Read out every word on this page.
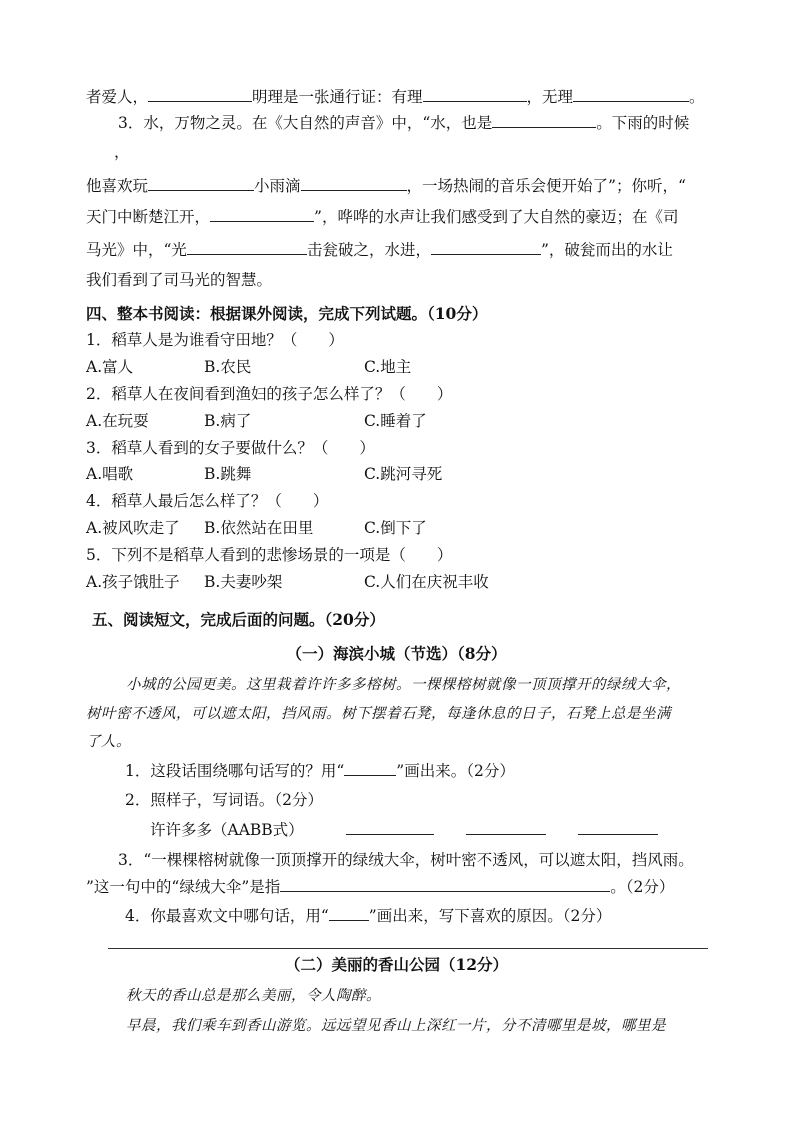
者爱人，	明理是一张通行证：有理	，无理	。
3．水，万物之灵。在《大自然的声音》中，“水，也是	。下雨的时候
，
他喜欢玩	小雨滴	，一场热闹的音乐会便开始了”；你听，“
天门中断楚江开，	”，哗哗的水声让我们感受到了大自然的豪迈；在《司
马光》中，“光	击瓮破之，水进，	”，破瓮而出的水让
我们看到了司马光的智慧。
四、整本书阅读：根据课外阅读，完成下列试题。（10分）
1．稻草人是为谁看守田地？（　　）
A.富人	B.农民	C.地主
2．稻草人在夜间看到渔妇的孩子怎么样了？（　　）
A.在玩耍	B.病了	C.睡着了
3．稻草人看到的女子要做什么？（　　）
A.唱歌	B.跳舞	C.跳河寻死
4．稻草人最后怎么样了？（　　）
A.被风吹走了 B.依然站在田里	C.倒下了
5．下列不是稻草人看到的悲惨场景的一项是（　　）
A.孩子饿肚子 B.夫妻吵架	C.人们在庆祝丰收
五、阅读短文，完成后面的问题。（20分）
（一）海滨小城（节选）（8分）
小城的公园更美。这里栽着许许多多榕树。一棵棵榕树就像一顶顶撑开的绿绒大伞，
树叶密不透风，可以遮太阳，挡风雨。树下摆着石凳，每逢休息的日子，石凳上总是坐满
了人。
1．这段话围绕哪句话写的？用“	”画出来。（2分）
2．照样子，写词语。（2分）
许许多多（AABB式）
3．“一棵棵榕树就像一顶顶撑开的绿绒大伞，树叶密不透风，可以遮太阳，挡风雨。
”这一句中的“绿绒大伞”是指	。（2分）
4．你最喜欢文中哪句话，用“	”画出来，写下喜欢的原因。（2分）
（二）美丽的香山公园（12分）
秋天的香山总是那么美丽，令人陶醉。
早晨，我们乘车到香山游览。远远望见香山上深红一片，分不清哪里是坡，哪里是
